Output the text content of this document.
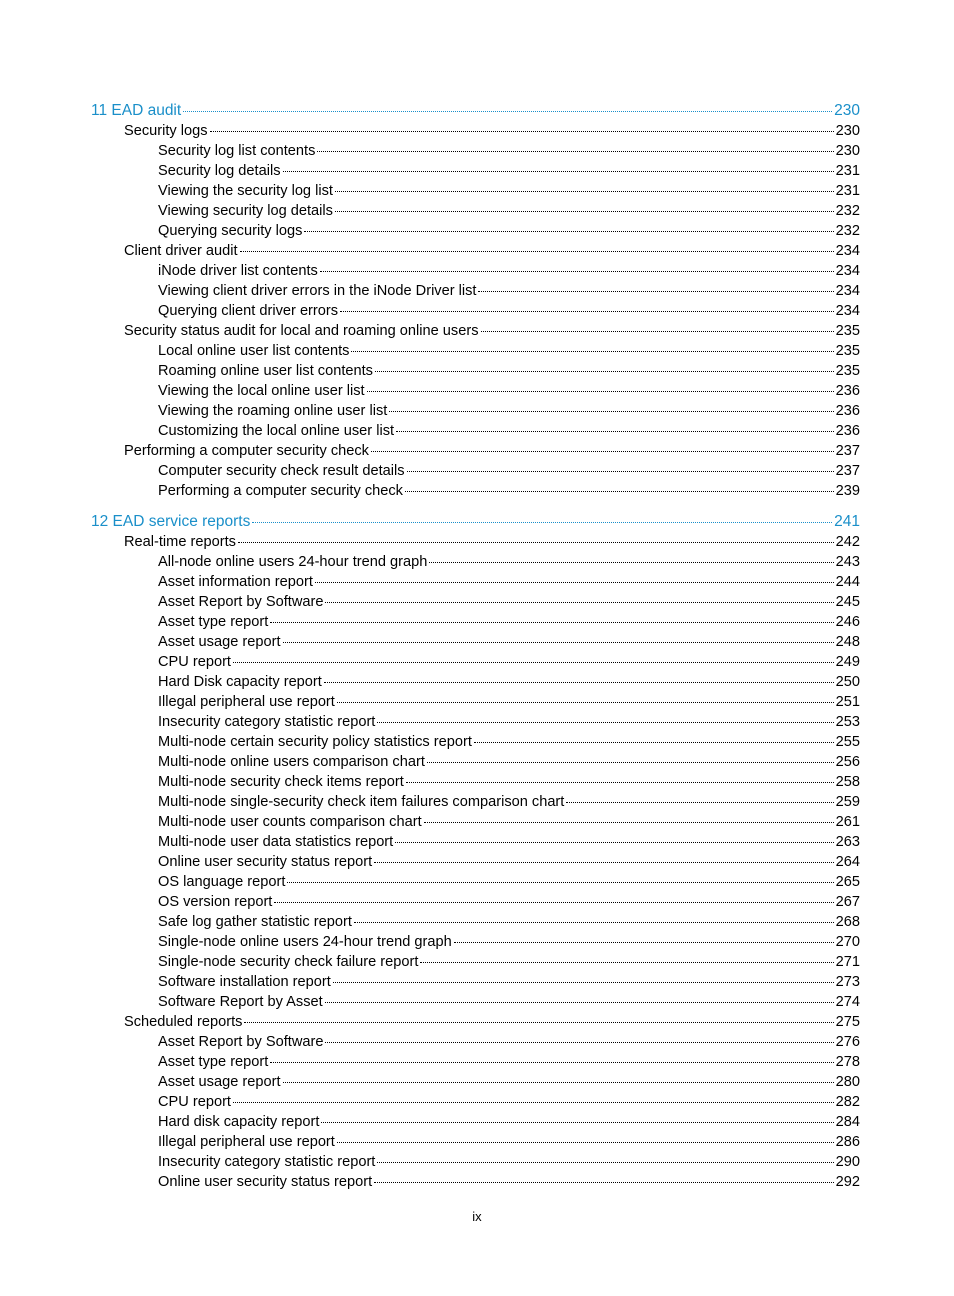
11 EAD audit	230
Security logs	230
Security log list contents	230
Security log details	231
Viewing the security log list	231
Viewing security log details	232
Querying security logs	232
Client driver audit	234
iNode driver list contents	234
Viewing client driver errors in the iNode Driver list	234
Querying client driver errors	234
Security status audit for local and roaming online users	235
Local online user list contents	235
Roaming online user list contents	235
Viewing the local online user list	236
Viewing the roaming online user list	236
Customizing the local online user list	236
Performing a computer security check	237
Computer security check result details	237
Performing a computer security check	239
12 EAD service reports	241
Real-time reports	242
All-node online users 24-hour trend graph	243
Asset information report	244
Asset Report by Software	245
Asset type report	246
Asset usage report	248
CPU report	249
Hard Disk capacity report	250
Illegal peripheral use report	251
Insecurity category statistic report	253
Multi-node certain security policy statistics report	255
Multi-node online users comparison chart	256
Multi-node security check items report	258
Multi-node single-security check item failures comparison chart	259
Multi-node user counts comparison chart	261
Multi-node user data statistics report	263
Online user security status report	264
OS language report	265
OS version report	267
Safe log gather statistic report	268
Single-node online users 24-hour trend graph	270
Single-node security check failure report	271
Software installation report	273
Software Report by Asset	274
Scheduled reports	275
Asset Report by Software	276
Asset type report	278
Asset usage report	280
CPU report	282
Hard disk capacity report	284
Illegal peripheral use report	286
Insecurity category statistic report	290
Online user security status report	292
ix
